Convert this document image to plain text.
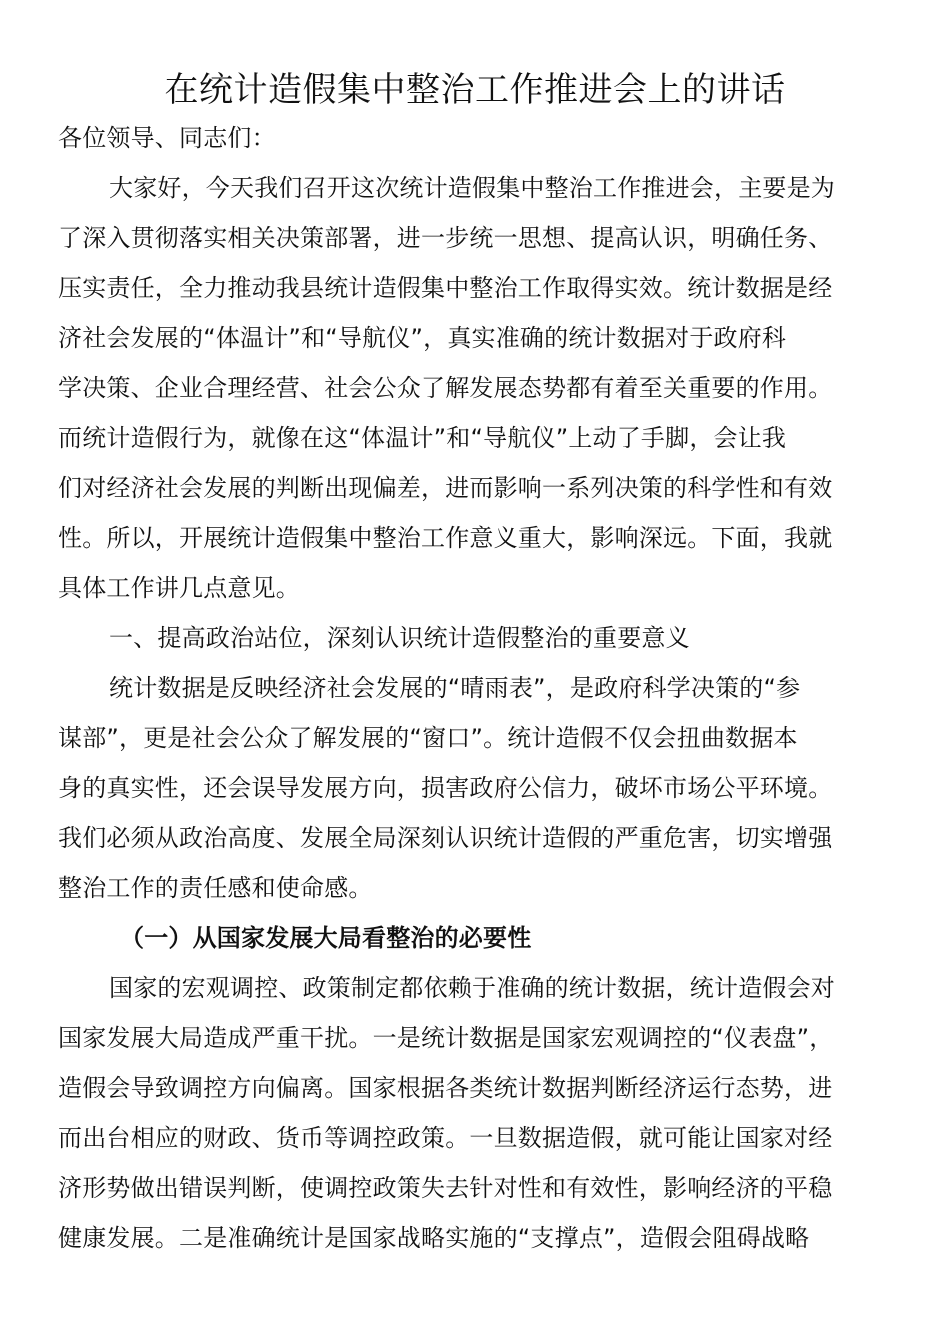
在统计造假集中整治工作推进会上的讲话
各位领导、同志们：
大家好，今天我们召开这次统计造假集中整治工作推进会，主要是为
了深入贯彻落实相关决策部署，进一步统一思想、提高认识，明确任务、
压实责任，全力推动我县统计造假集中整治工作取得实效。统计数据是经
济社会发展的“体温计”和“导航仪”，真实准确的统计数据对于政府科
学决策、企业合理经营、社会公众了解发展态势都有着至关重要的作用。
而统计造假行为，就像在这“体温计”和“导航仪”上动了手脚，会让我
们对经济社会发展的判断出现偏差，进而影响一系列决策的科学性和有效
性。所以，开展统计造假集中整治工作意义重大，影响深远。下面，我就
具体工作讲几点意见。
一、提高政治站位，深刻认识统计造假整治的重要意义
统计数据是反映经济社会发展的“晴雨表”，是政府科学决策的“参
谋部”，更是社会公众了解发展的“窗口”。统计造假不仅会扭曲数据本
身的真实性，还会误导发展方向，损害政府公信力，破坏市场公平环境。
我们必须从政治高度、发展全局深刻认识统计造假的严重危害，切实增强
整治工作的责任感和使命感。
（一）从国家发展大局看整治的必要性
国家的宏观调控、政策制定都依赖于准确的统计数据，统计造假会对
国家发展大局造成严重干扰。一是统计数据是国家宏观调控的“仪表盘”，
造假会导致调控方向偏离。国家根据各类统计数据判断经济运行态势，进
而出台相应的财政、货币等调控政策。一旦数据造假，就可能让国家对经
济形势做出错误判断，使调控政策失去针对性和有效性，影响经济的平稳
健康发展。二是准确统计是国家战略实施的“支撑点”，造假会阻碍战略
